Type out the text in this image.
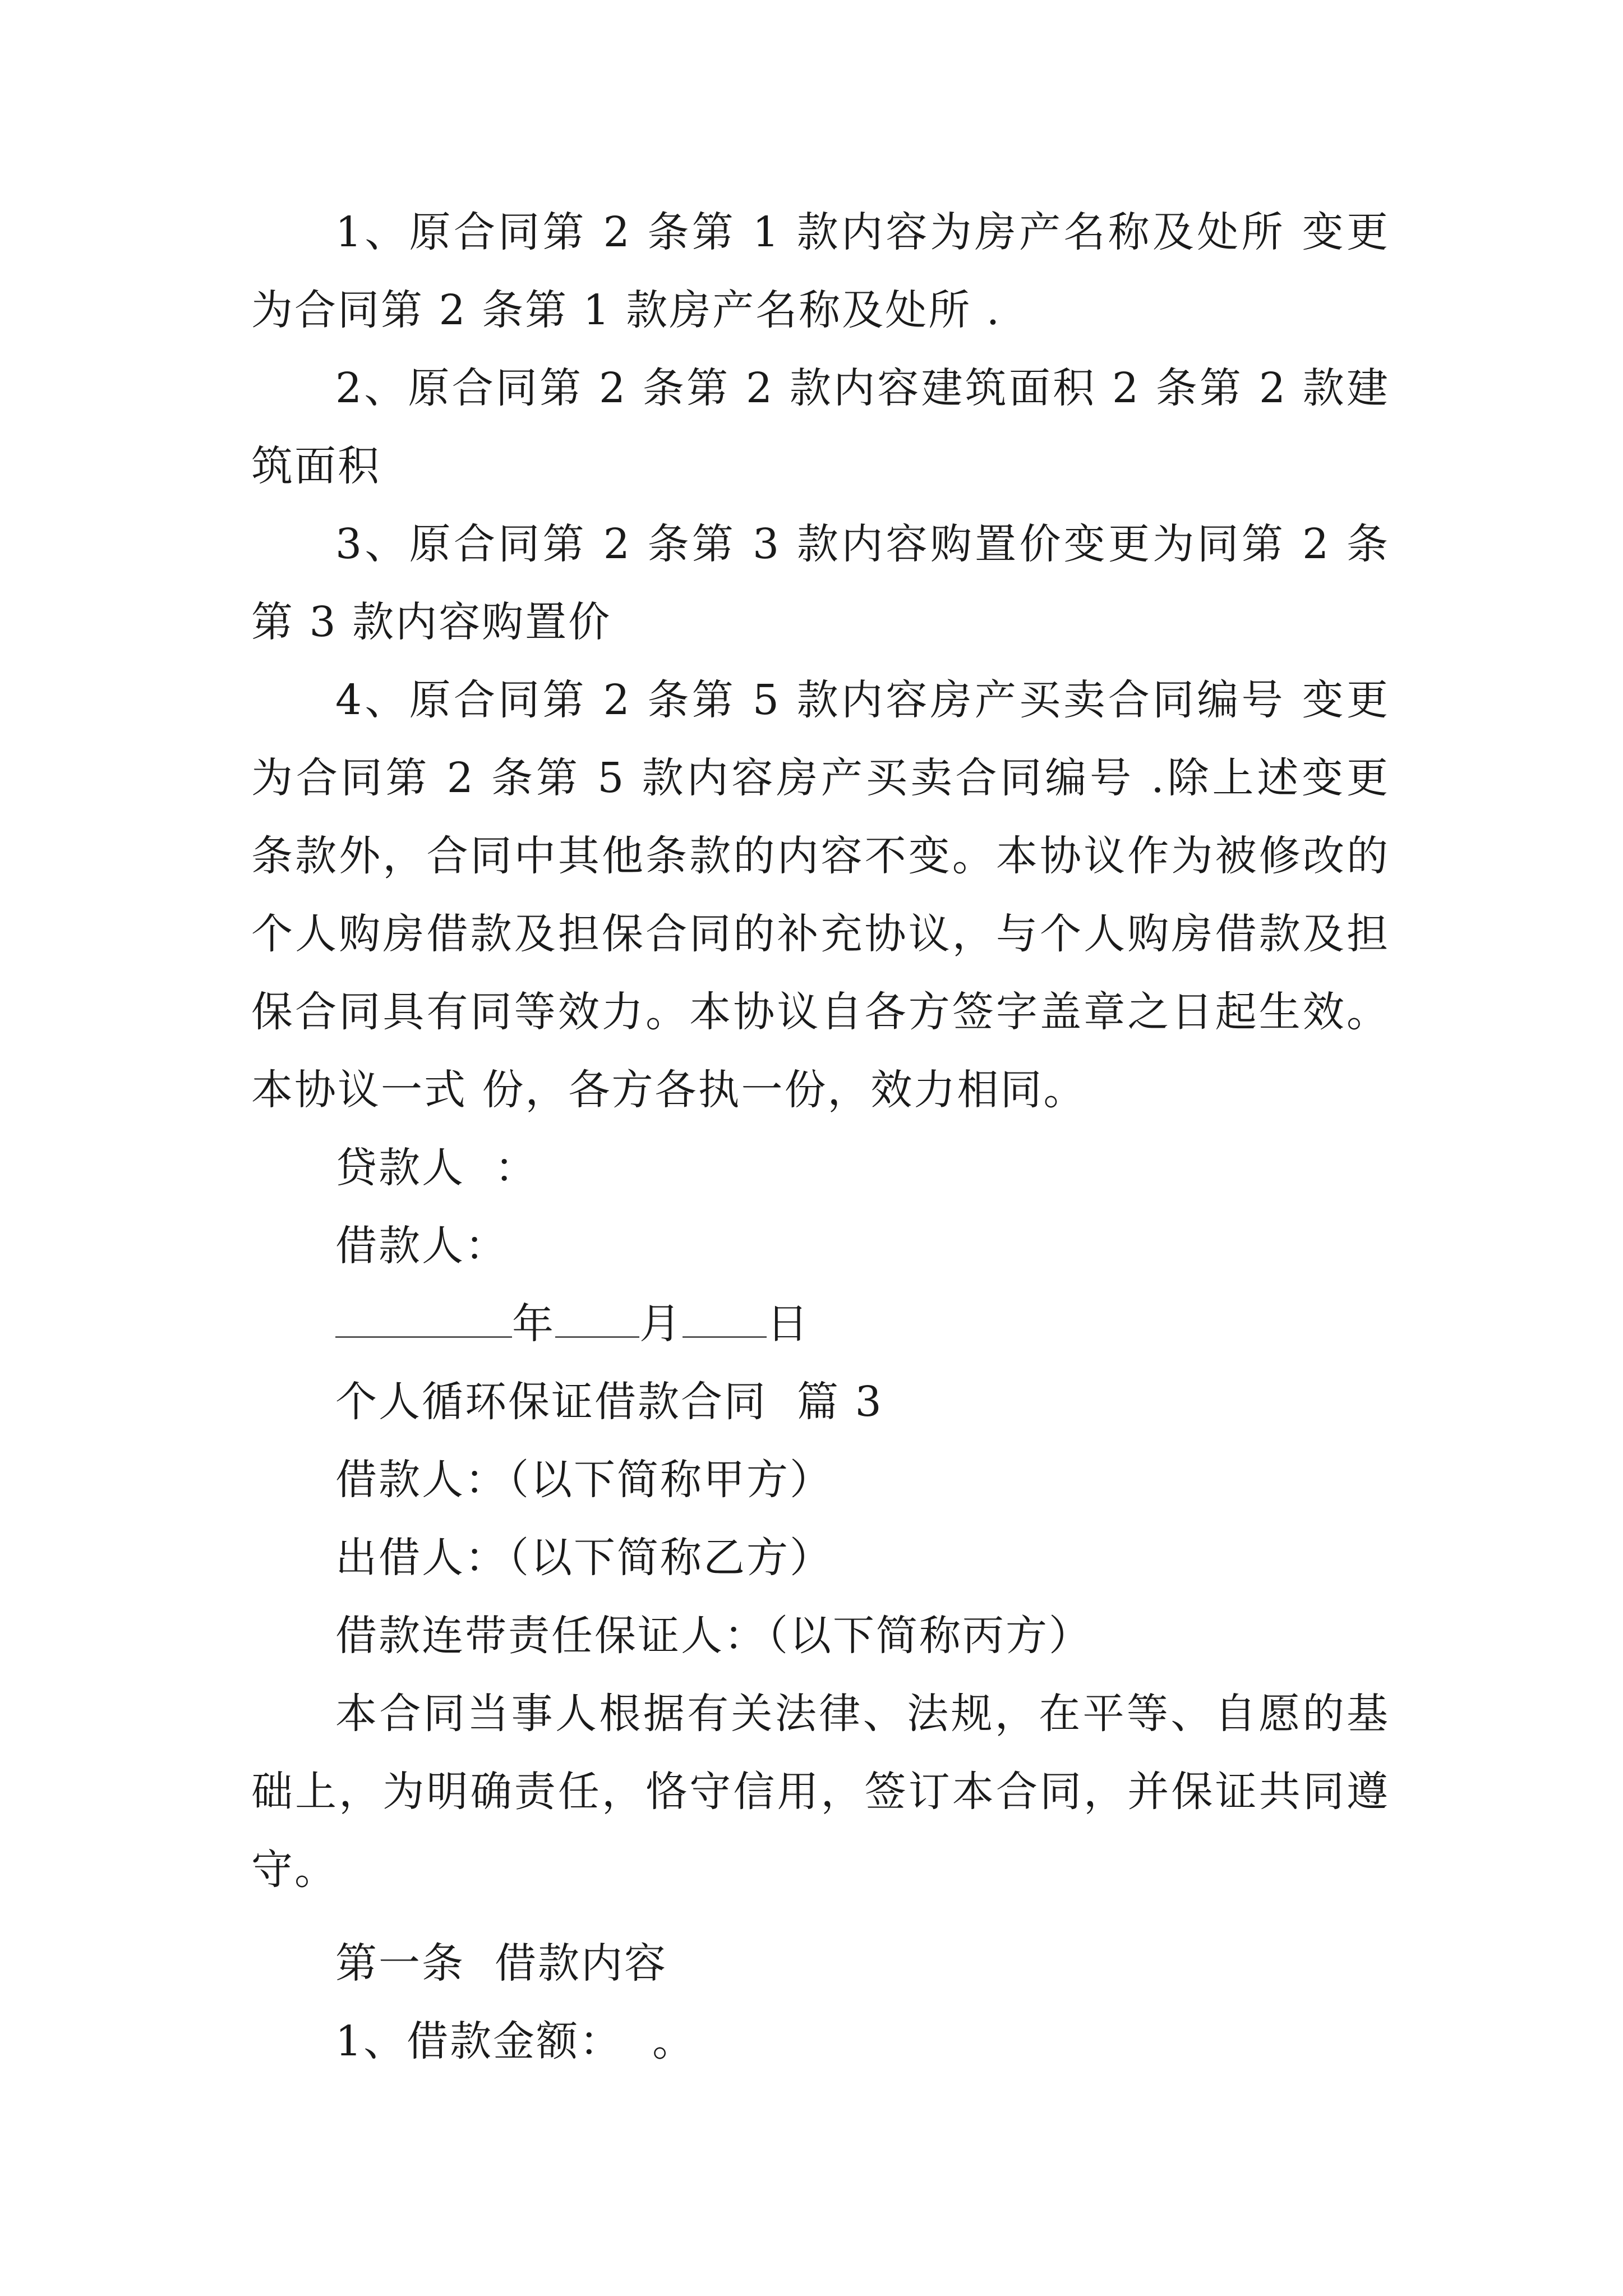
1、原合同第 2 条第 1 款内容为房产名称及处所 变更为合同第 2 条第 1 款房产名称及处所 .

2、原合同第 2 条第 2 款内容建筑面积 2 条第 2 款建筑面积

3、原合同第 2 条第 3 款内容购置价变更为同第 2 条第 3 款内容购置价

4、原合同第 2 条第 5 款内容房产买卖合同编号 变更为合同第 2 条第 5 款内容房产买卖合同编号 .除上述变更条款外，合同中其他条款的内容不变。本协议作为被修改的个人购房借款及担保合同的补充协议，与个人购房借款及担保合同具有同等效力。本协议自各方签字盖章之日起生效。本协议一式 份，各方各执一份，效力相同。

贷款人  ：
借款人：
年 月 日
个人循环保证借款合同  篇 3
借款人：（以下简称甲方）
出借人：（以下简称乙方）
借款连带责任保证人：（以下简称丙方）

本合同当事人根据有关法律、法规，在平等、自愿的基础上，为明确责任，恪守信用，签订本合同，并保证共同遵守。

第一条  借款内容
1、借款金额：  。
